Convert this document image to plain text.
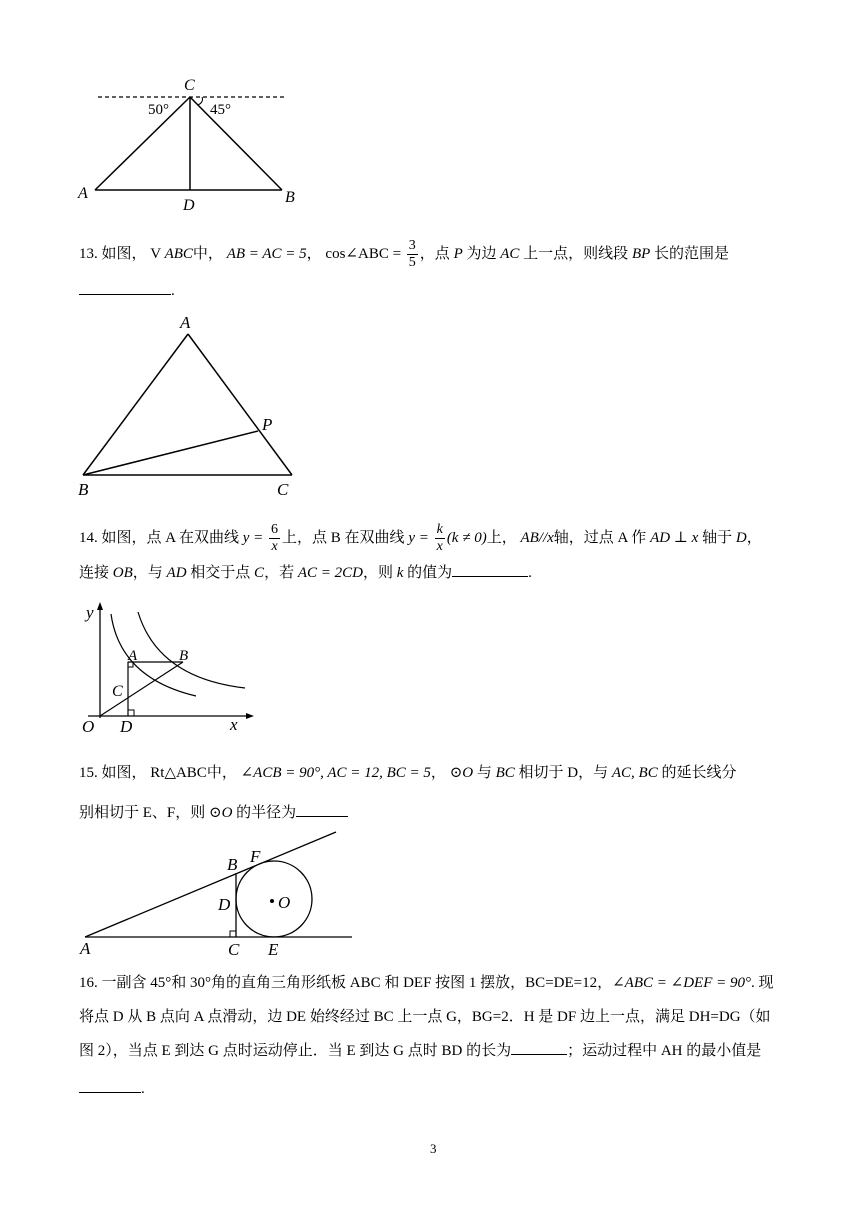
C
50°	45°
A	B
D
13. 如图， V ABC中， AB = AC = 5， cos∠ABC = $\frac{3}{5}$ ，点 P 为边 AC 上一点，则线段 BP 长的范围是
.
A
P
B	C
14. 如图，点 A 在双曲线 $y = \frac{6}{x}$ 上，点 B 在双曲线 $y = \frac{k}{x} (k \ne 0)$上， AB//x轴，过点 A 作 AD ⊥ x 轴于 D，
连接 OB，与 AD 相交于点 C，若 AC = 2CD，则 k 的值为	.
y
x
O
A	B
C
D
15. 如图， Rt△ABC中， ∠ACB = 90°, AC = 12, BC = 5， ⊙O 与 BC 相切于 D，与 AC, BC 的延长线分
别相切于 E、F，则 ⊙O 的半径为
A
B F
D	O
C E
16. 一副含 45°和 30°角的直角三角形纸板 ABC 和 DEF 按图 1 摆放，BC=DE=12，∠ABC = ∠DEF = 90°. 现
将点 D 从 B 点向 A 点滑动，边 DE 始终经过 BC 上一点 G，BG=2．H 是 DF 边上一点，满足 DH=DG（如
图 2），当点 E 到达 G 点时运动停止．当 E 到达 G 点时 BD 的长为	；运动过程中 AH 的最小值是
.
3
